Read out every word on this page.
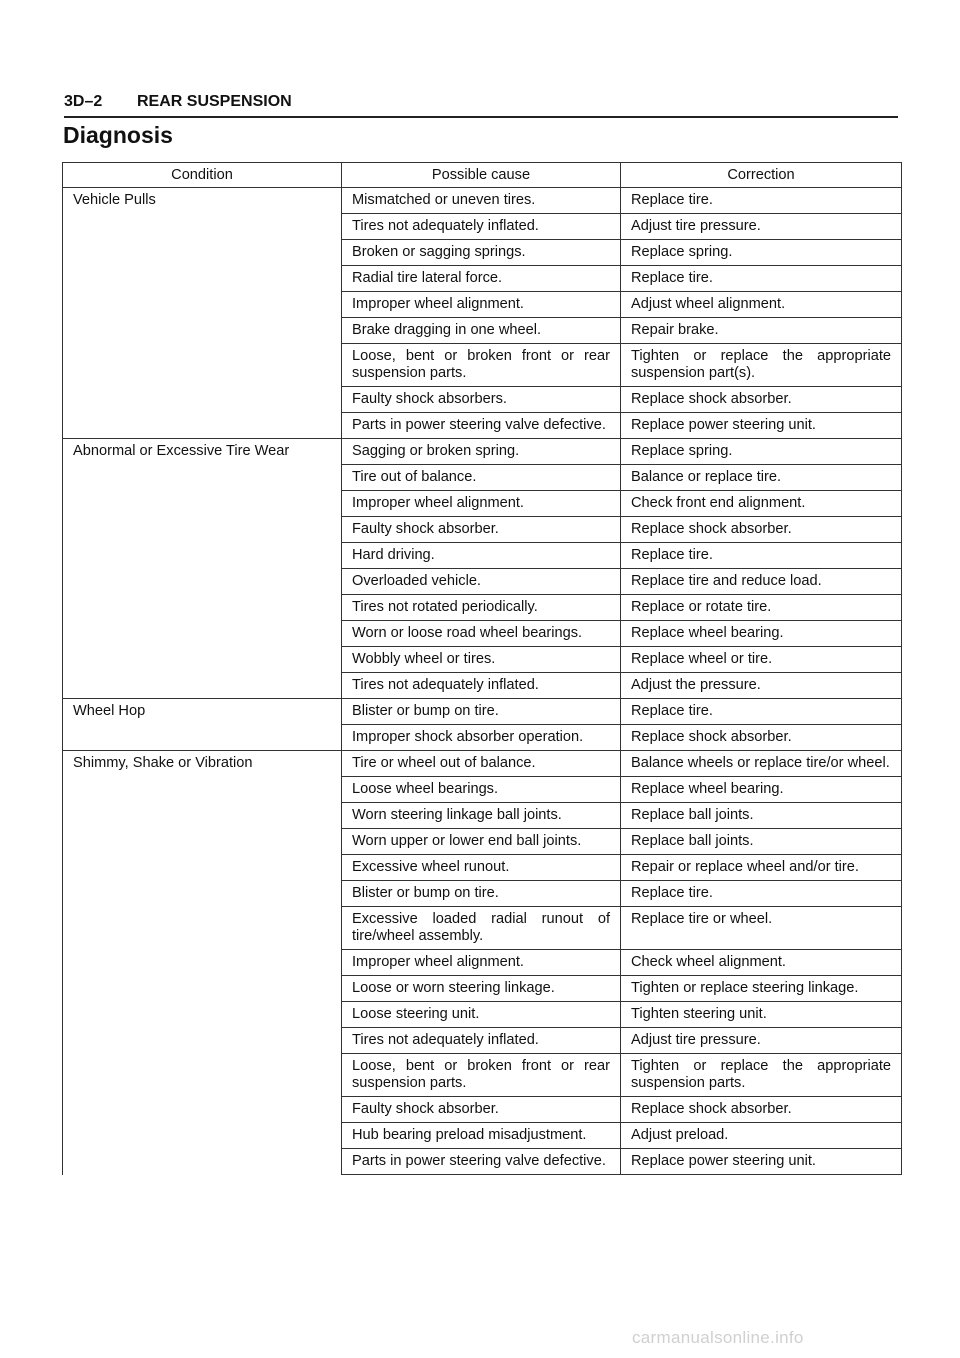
3D–2 REAR SUSPENSION
Diagnosis
Condition	Possible cause	Correction
Vehicle Pulls	Mismatched or uneven tires.	Replace tire.
	Tires not adequately inflated.	Adjust tire pressure.
	Broken or sagging springs.	Replace spring.
	Radial tire lateral force.	Replace tire.
	Improper wheel alignment.	Adjust wheel alignment.
	Brake dragging in one wheel.	Repair brake.
	Loose, bent or broken front or rear suspension parts.	Tighten or replace the appropriate suspension part(s).
	Faulty shock absorbers.	Replace shock absorber.
	Parts in power steering valve defective.	Replace power steering unit.
Abnormal or Excessive Tire Wear	Sagging or broken spring.	Replace spring.
	Tire out of balance.	Balance or replace tire.
	Improper wheel alignment.	Check front end alignment.
	Faulty shock absorber.	Replace shock absorber.
	Hard driving.	Replace tire.
	Overloaded vehicle.	Replace tire and reduce load.
	Tires not rotated periodically.	Replace or rotate tire.
	Worn or loose road wheel bearings.	Replace wheel bearing.
	Wobbly wheel or tires.	Replace wheel or tire.
	Tires not adequately inflated.	Adjust the pressure.
Wheel Hop	Blister or bump on tire.	Replace tire.
	Improper shock absorber operation.	Replace shock absorber.
Shimmy, Shake or Vibration	Tire or wheel out of balance.	Balance wheels or replace tire/or wheel.
	Loose wheel bearings.	Replace wheel bearing.
	Worn steering linkage ball joints.	Replace ball joints.
	Worn upper or lower end ball joints.	Replace ball joints.
	Excessive wheel runout.	Repair or replace wheel and/or tire.
	Blister or bump on tire.	Replace tire.
	Excessive loaded radial runout of tire/wheel assembly.	Replace tire or wheel.
	Improper wheel alignment.	Check wheel alignment.
	Loose or worn steering linkage.	Tighten or replace steering linkage.
	Loose steering unit.	Tighten steering unit.
	Tires not adequately inflated.	Adjust tire pressure.
	Loose, bent or broken front or rear suspension parts.	Tighten or replace the appropriate suspension parts.
	Faulty shock absorber.	Replace shock absorber.
	Hub bearing preload misadjustment.	Adjust preload.
	Parts in power steering valve defective.	Replace power steering unit.
carmanualsonline.info
